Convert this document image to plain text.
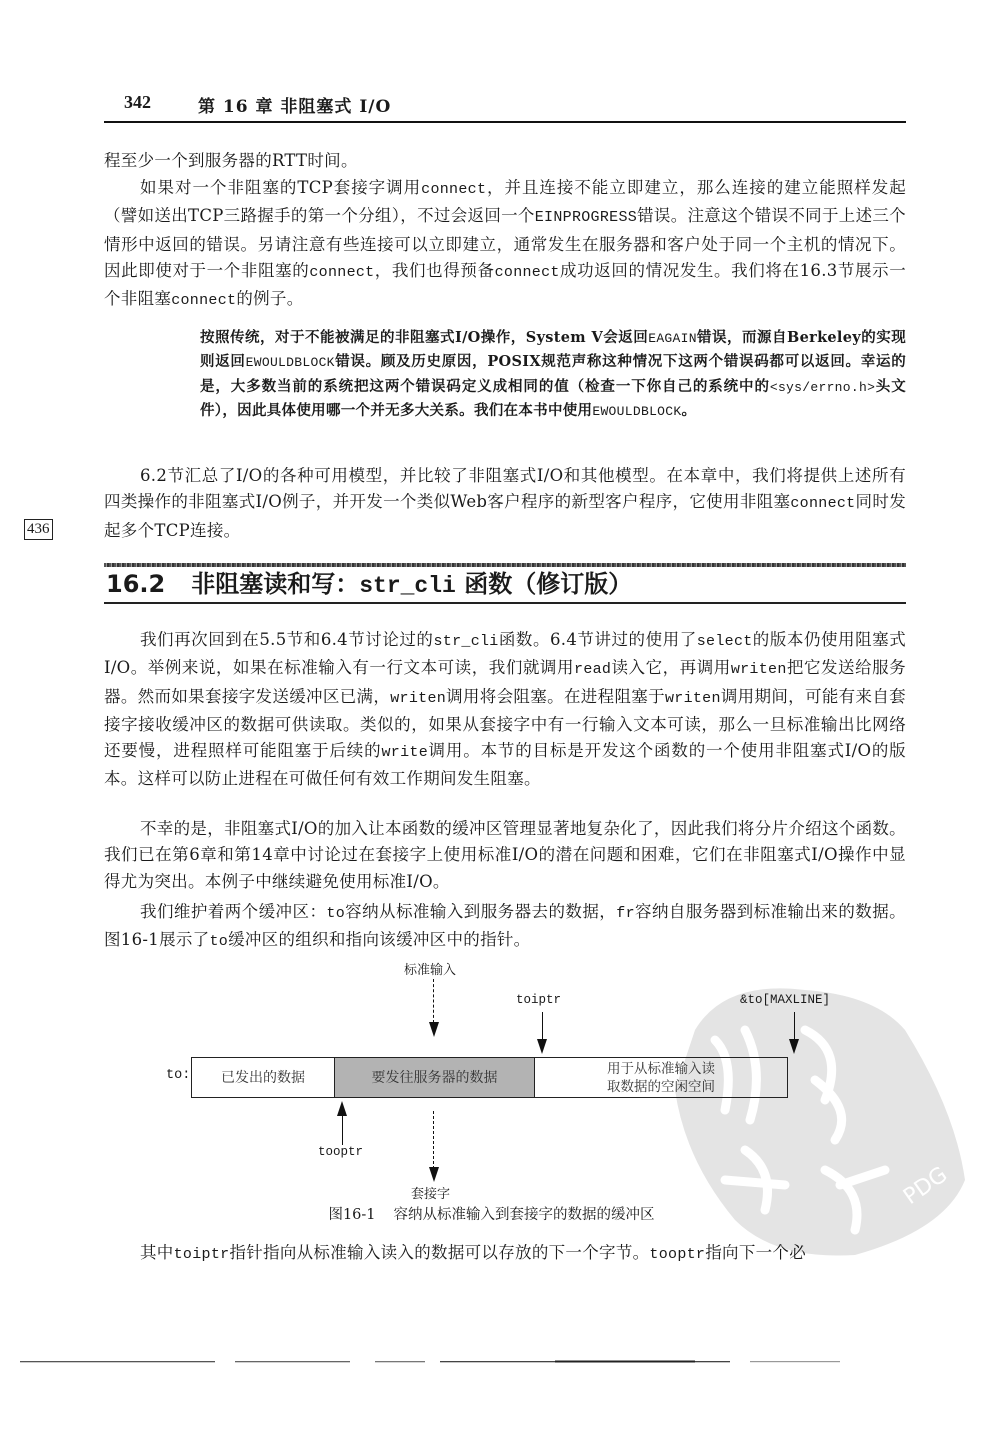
342	第 16 章 非阻塞式 I/O
程至少一个到服务器的RTT时间。
如果对一个非阻塞的TCP套接字调用connect，并且连接不能立即建立，那么连接的建立能照样发起（譬如送出TCP三路握手的第一个分组），不过会返回一个EINPROGRESS错误。注意这个错误不同于上述三个情形中返回的错误。另请注意有些连接可以立即建立，通常发生在服务器和客户处于同一个主机的情况下。因此即使对于一个非阻塞的connect，我们也得预备connect成功返回的情况发生。我们将在16.3节展示一个非阻塞connect的例子。
按照传统，对于不能被满足的非阻塞式I/O操作，System V会返回EAGAIN错误，而源自Berkeley的实现则返回EWOULDBLOCK错误。顾及历史原因，POSIX规范声称这种情况下这两个错误码都可以返回。幸运的是，大多数当前的系统把这两个错误码定义成相同的值（检查一下你自己的系统中的<sys/errno.h>头文件），因此具体使用哪一个并无多大关系。我们在本书中使用EWOULDBLOCK。
6.2节汇总了I/O的各种可用模型，并比较了非阻塞式I/O和其他模型。在本章中，我们将提供上述所有四类操作的非阻塞式I/O例子，并开发一个类似Web客户程序的新型客户程序，它使用非阻塞connect同时发起多个TCP连接。
436
16.2 非阻塞读和写：str_cli 函数（修订版）
我们再次回到在5.5节和6.4节讨论过的str_cli函数。6.4节讲过的使用了select的版本仍使用阻塞式I/O。举例来说，如果在标准输入有一行文本可读，我们就调用read读入它，再调用writen把它发送给服务器。然而如果套接字发送缓冲区已满，writen调用将会阻塞。在进程阻塞于writen调用期间，可能有来自套接字接收缓冲区的数据可供读取。类似的，如果从套接字中有一行输入文本可读，那么一旦标准输出比网络还要慢，进程照样可能阻塞于后续的write调用。本节的目标是开发这个函数的一个使用非阻塞式I/O的版本。这样可以防止进程在可做任何有效工作期间发生阻塞。
不幸的是，非阻塞式I/O的加入让本函数的缓冲区管理显著地复杂化了，因此我们将分片介绍这个函数。我们已在第6章和第14章中讨论过在套接字上使用标准I/O的潜在问题和困难，它们在非阻塞式I/O操作中显得尤为突出。本例子中继续避免使用标准I/O。
我们维护着两个缓冲区：to容纳从标准输入到服务器去的数据，fr容纳自服务器到标准输出来的数据。图16-1展示了to缓冲区的组织和指向该缓冲区中的指针。
PDG
标准输入
toiptr	&to[MAXLINE]
to:	已发出的数据	要发往服务器的数据
用于从标准输入读
取数据的空闲空间
tooptr
套接字
图16-1 容纳从标准输入到套接字的数据的缓冲区
其中toiptr指针指向从标准输入读入的数据可以存放的下一个字节。tooptr指向下一个必
